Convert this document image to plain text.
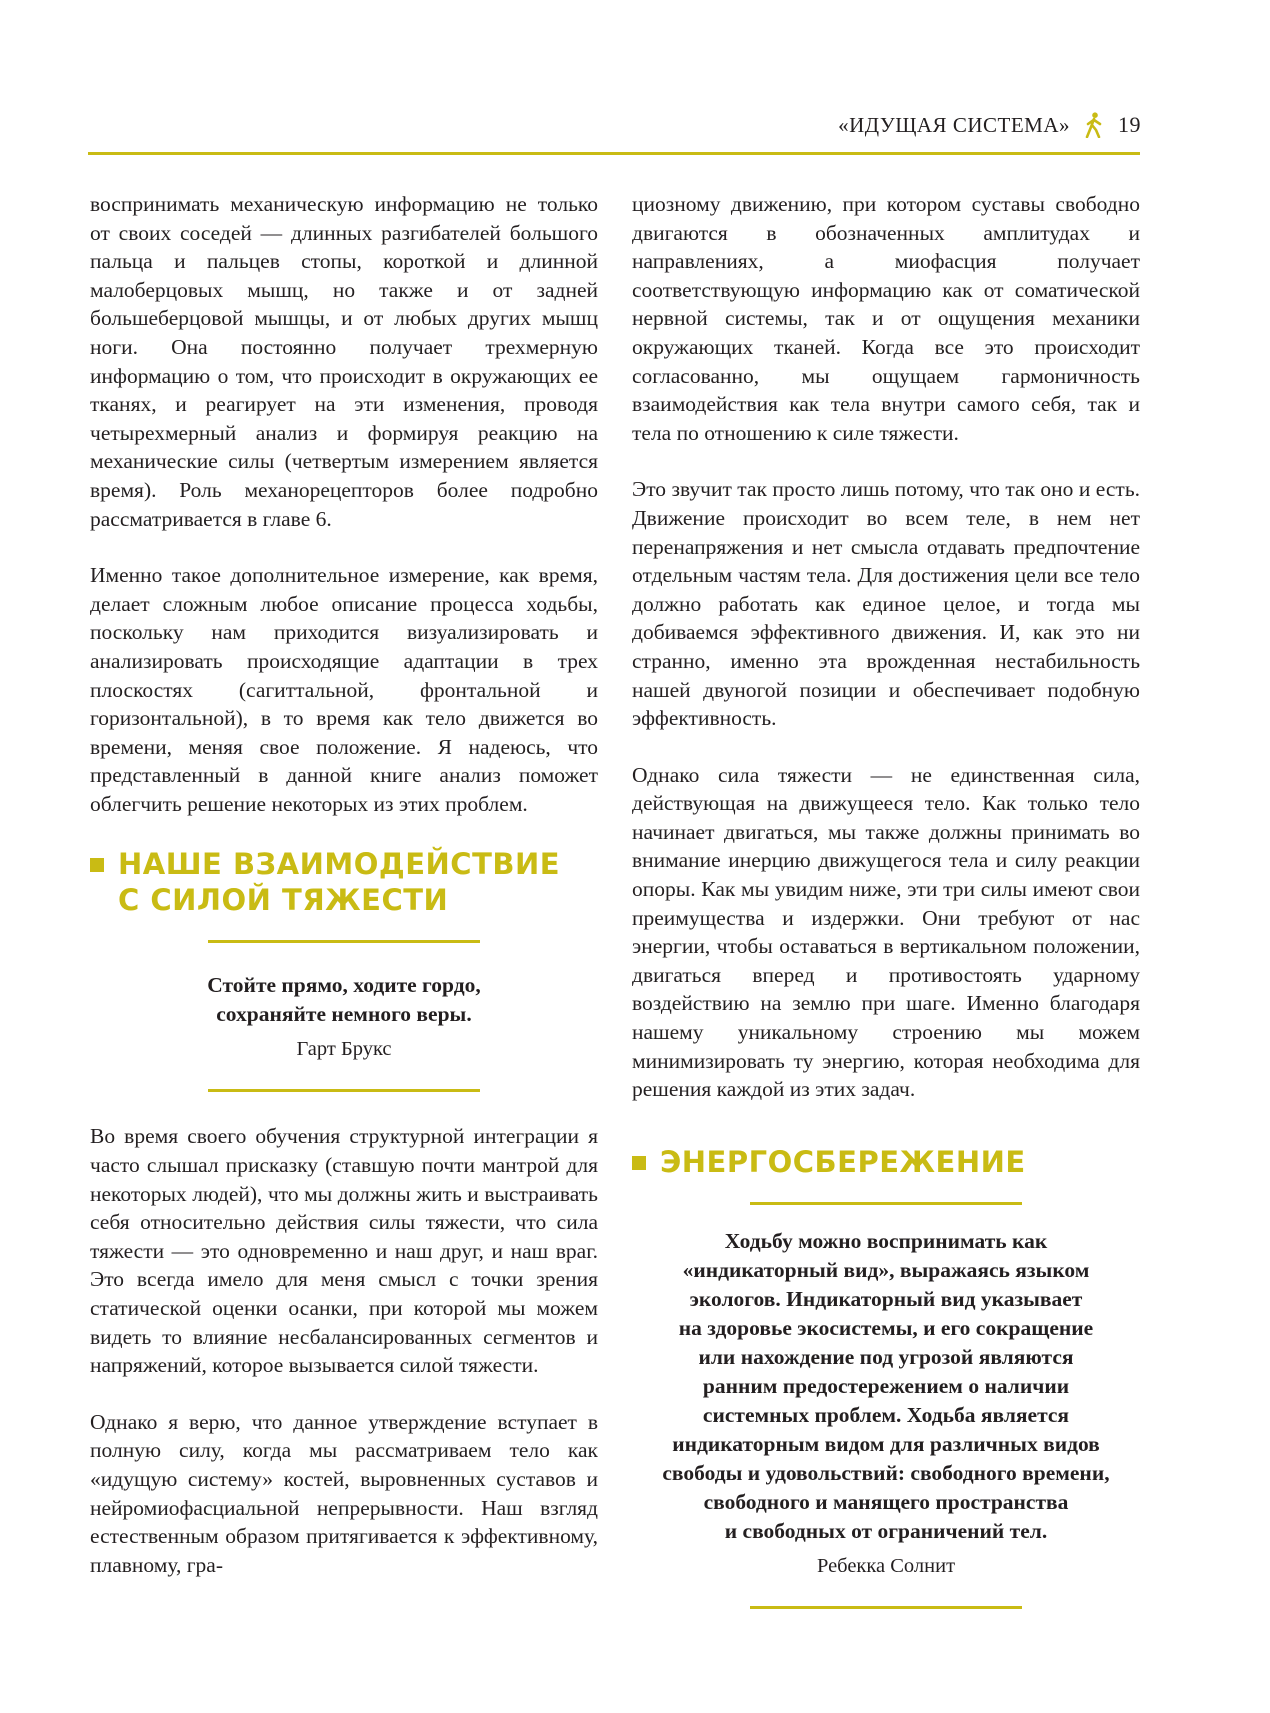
«ИДУЩАЯ СИСТЕМА» 19

воспринимать механическую информацию не только от своих соседей — длинных разгибателей большого пальца и пальцев стопы, короткой и длинной малоберцовых мышц, но также и от задней большеберцовой мышцы, и от любых других мышц ноги. Она постоянно получает трехмерную информацию о том, что происходит в окружающих ее тканях, и реагирует на эти изменения, проводя четырехмерный анализ и формируя реакцию на механические силы (четвертым измерением является время). Роль механорецепторов более подробно рассматривается в главе 6.

Именно такое дополнительное измерение, как время, делает сложным любое описание процесса ходьбы, поскольку нам приходится визуализировать и анализировать происходящие адаптации в трех плоскостях (сагиттальной, фронтальной и горизонтальной), в то время как тело движется во времени, меняя свое положение. Я надеюсь, что представленный в данной книге анализ поможет облегчить решение некоторых из этих проблем.

НАШЕ ВЗАИМОДЕЙСТВИЕ
С СИЛОЙ ТЯЖЕСТИ
Стойте прямо, ходите гордо,
сохраняйте немного веры.
Гарт Брукс

Во время своего обучения структурной интеграции я часто слышал присказку (ставшую почти мантрой для некоторых людей), что мы должны жить и выстраивать себя относительно действия силы тяжести, что сила тяжести — это одновременно и наш друг, и наш враг. Это всегда имело для меня смысл с точки зрения статической оценки осанки, при которой мы можем видеть то влияние несбалансированных сегментов и напряжений, которое вызывается силой тяжести.

Однако я верю, что данное утверждение вступает в полную силу, когда мы рассматриваем тело как «идущую систему» костей, выровненных суставов и нейромиофасциальной непрерывности. Наш взгляд естественным образом притягивается к эффективному, плавному, гра-

циозному движению, при котором суставы свободно двигаются в обозначенных амплитудах и направлениях, а миофасция получает соответствующую информацию как от соматической нервной системы, так и от ощущения механики окружающих тканей. Когда все это происходит согласованно, мы ощущаем гармоничность взаимодействия как тела внутри самого себя, так и тела по отношению к силе тяжести.

Это звучит так просто лишь потому, что так оно и есть. Движение происходит во всем теле, в нем нет перенапряжения и нет смысла отдавать предпочтение отдельным частям тела. Для достижения цели все тело должно работать как единое целое, и тогда мы добиваемся эффективного движения. И, как это ни странно, именно эта врожденная нестабильность нашей двуногой позиции и обеспечивает подобную эффективность.

Однако сила тяжести — не единственная сила, действующая на движущееся тело. Как только тело начинает двигаться, мы также должны принимать во внимание инерцию движущегося тела и силу реакции опоры. Как мы увидим ниже, эти три силы имеют свои преимущества и издержки. Они требуют от нас энергии, чтобы оставаться в вертикальном положении, двигаться вперед и противостоять ударному воздействию на землю при шаге. Именно благодаря нашему уникальному строению мы можем минимизировать ту энергию, которая необходима для решения каждой из этих задач.

ЭНЕРГОСБЕРЕЖЕНИЕ
Ходьбу можно воспринимать как
«индикаторный вид», выражаясь языком
экологов. Индикаторный вид указывает
на здоровье экосистемы, и его сокращение
или нахождение под угрозой являются
ранним предостережением о наличии
системных проблем. Ходьба является
индикаторным видом для различных видов
свободы и удовольствий: свободного времени,
свободного и манящего пространства
и свободных от ограничений тел.
Ребекка Солнит
